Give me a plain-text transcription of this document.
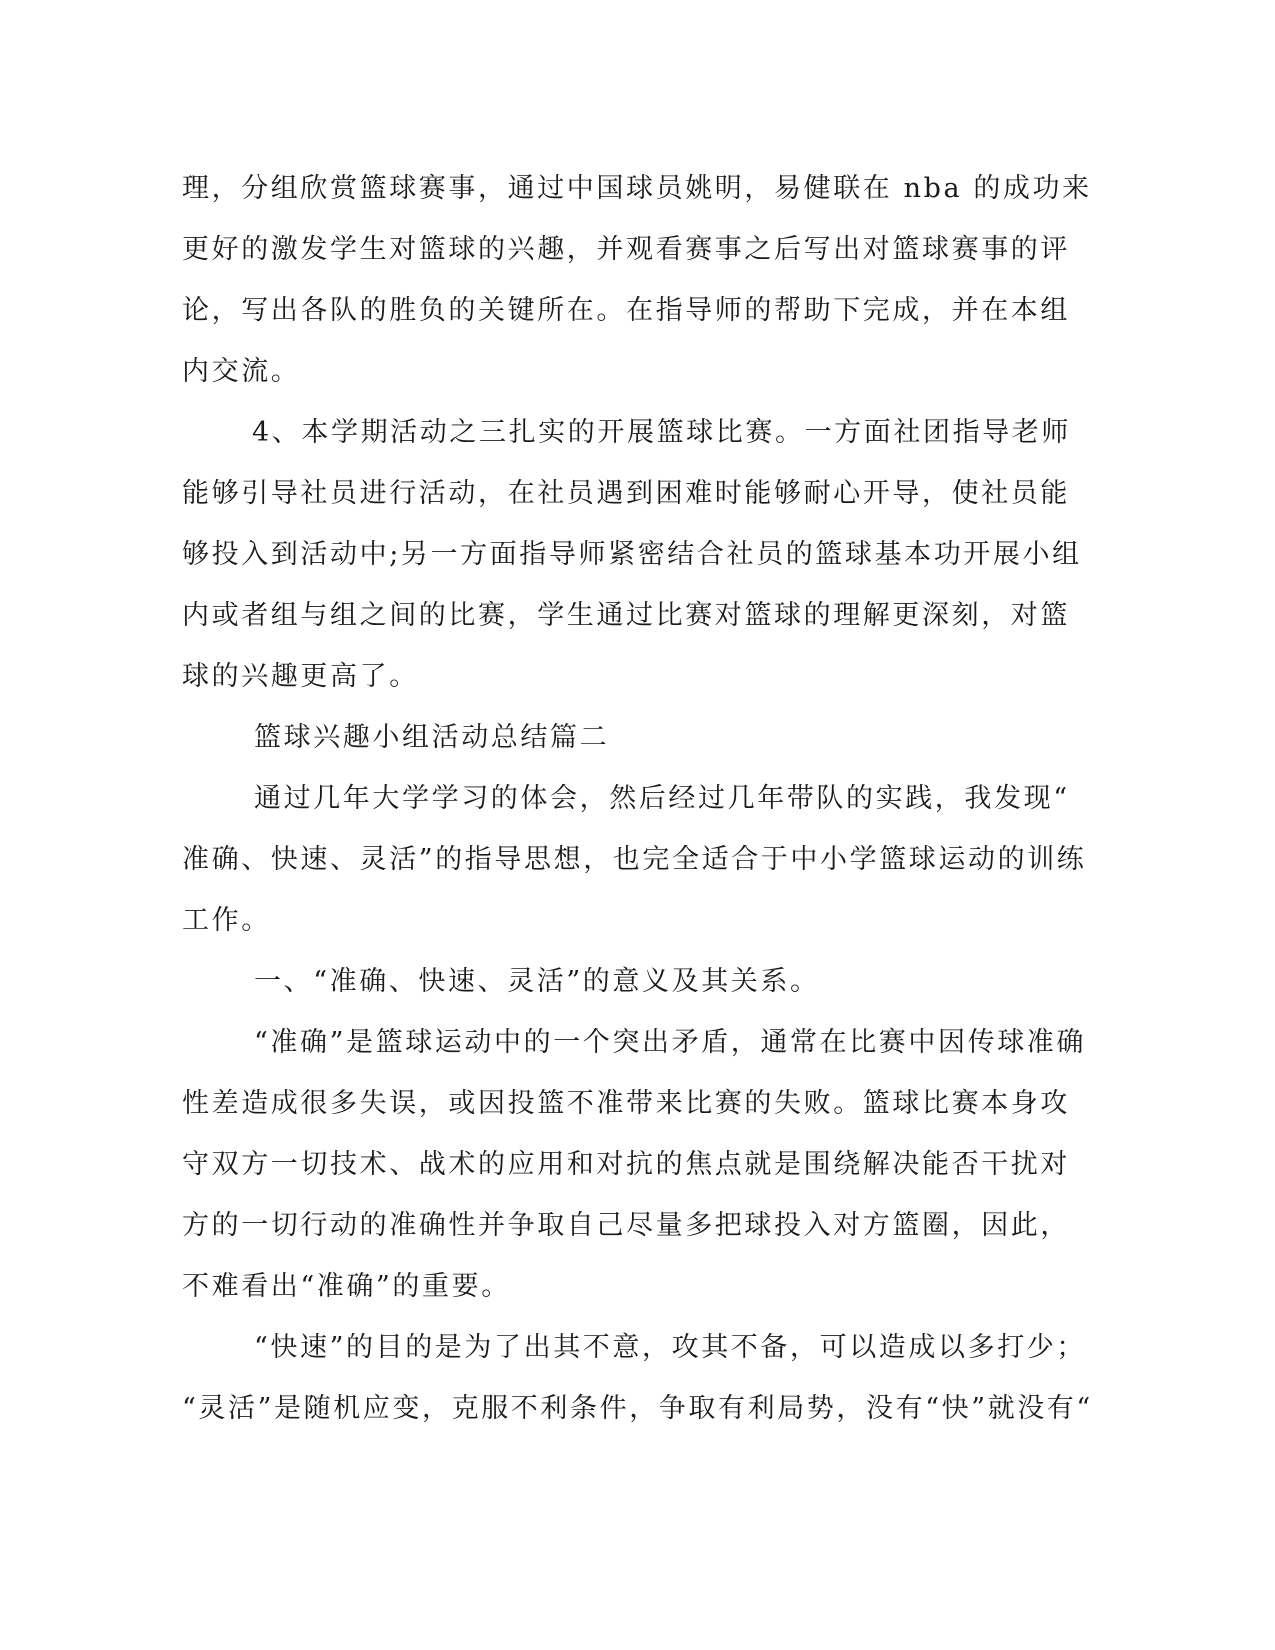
理，分组欣赏篮球赛事，通过中国球员姚明，易健联在 nba 的成功来
更好的激发学生对篮球的兴趣，并观看赛事之后写出对篮球赛事的评
论，写出各队的胜负的关键所在。在指导师的帮助下完成，并在本组
内交流。
4、本学期活动之三扎实的开展篮球比赛。一方面社团指导老师
能够引导社员进行活动，在社员遇到困难时能够耐心开导，使社员能
够投入到活动中;另一方面指导师紧密结合社员的篮球基本功开展小组
内或者组与组之间的比赛，学生通过比赛对篮球的理解更深刻，对篮
球的兴趣更高了。
篮球兴趣小组活动总结篇二
通过几年大学学习的体会，然后经过几年带队的实践，我发现“
准确、快速、灵活”的指导思想，也完全适合于中小学篮球运动的训练
工作。
一、“准确、快速、灵活”的意义及其关系。
“准确”是篮球运动中的一个突出矛盾，通常在比赛中因传球准确
性差造成很多失误，或因投篮不准带来比赛的失败。篮球比赛本身攻
守双方一切技术、战术的应用和对抗的焦点就是围绕解决能否干扰对
方的一切行动的准确性并争取自己尽量多把球投入对方篮圈，因此，
不难看出“准确”的重要。
“快速”的目的是为了出其不意，攻其不备，可以造成以多打少；
“灵活”是随机应变，克服不利条件，争取有利局势，没有“快”就没有“
